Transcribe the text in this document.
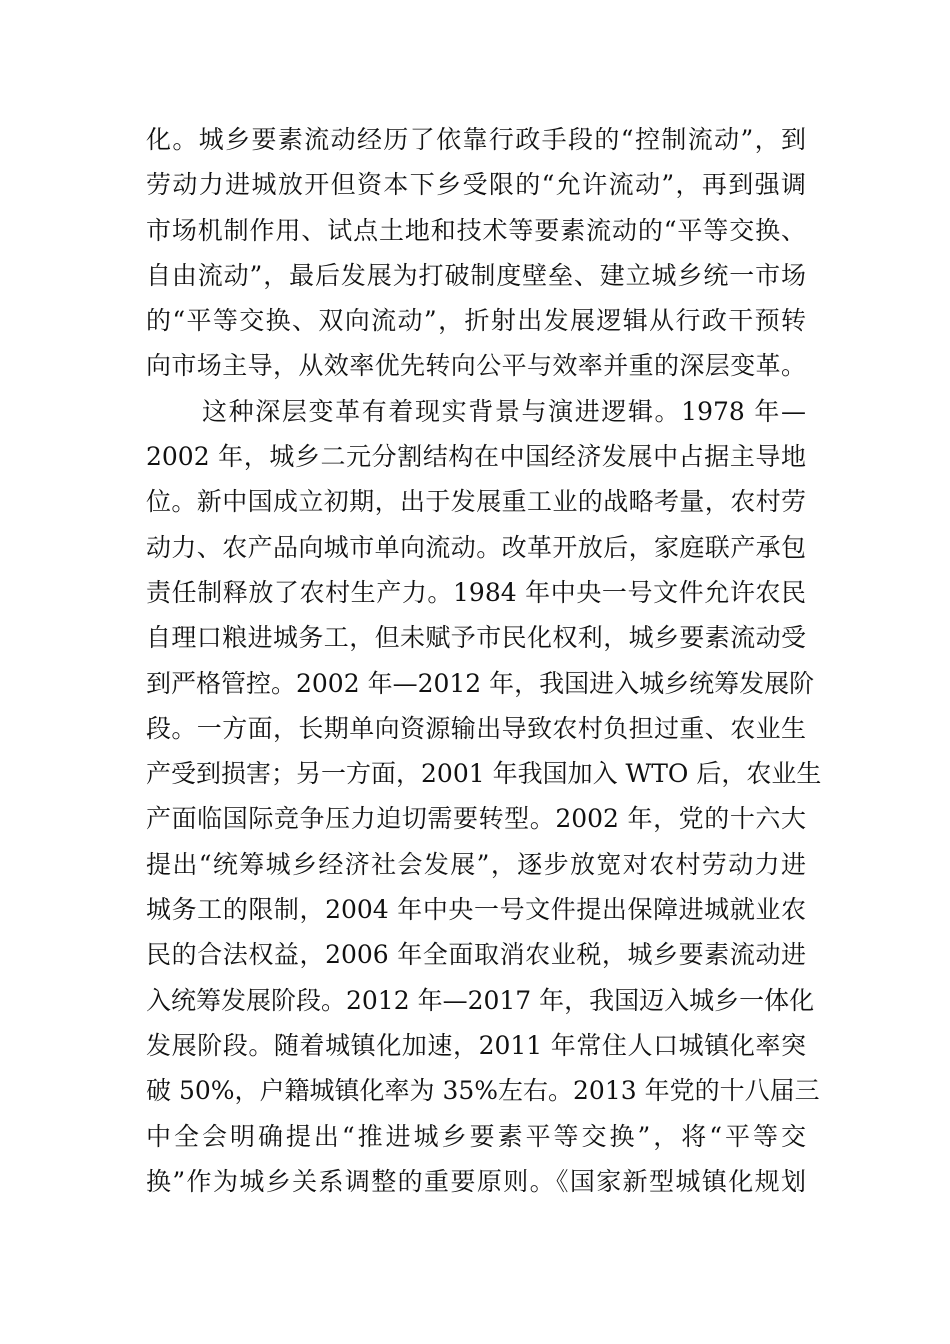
化。城乡要素流动经历了依靠行政手段的“控制流动”，到
劳动力进城放开但资本下乡受限的“允许流动”，再到强调
市场机制作用、试点土地和技术等要素流动的“平等交换、
自由流动”，最后发展为打破制度壁垒、建立城乡统一市场
的“平等交换、双向流动”，折射出发展逻辑从行政干预转
向市场主导，从效率优先转向公平与效率并重的深层变革。
这种深层变革有着现实背景与演进逻辑。1978 年—
2002 年，城乡二元分割结构在中国经济发展中占据主导地
位。新中国成立初期，出于发展重工业的战略考量，农村劳
动力、农产品向城市单向流动。改革开放后，家庭联产承包
责任制释放了农村生产力。1984 年中央一号文件允许农民
自理口粮进城务工，但未赋予市民化权利，城乡要素流动受
到严格管控。2002 年—2012 年，我国进入城乡统筹发展阶
段。一方面，长期单向资源输出导致农村负担过重、农业生
产受到损害；另一方面，2001 年我国加入 WTO 后，农业生
产面临国际竞争压力迫切需要转型。2002 年，党的十六大
提出“统筹城乡经济社会发展”，逐步放宽对农村劳动力进
城务工的限制，2004 年中央一号文件提出保障进城就业农
民的合法权益，2006 年全面取消农业税，城乡要素流动进
入统筹发展阶段。2012 年—2017 年，我国迈入城乡一体化
发展阶段。随着城镇化加速，2011 年常住人口城镇化率突
破 50%，户籍城镇化率为 35%左右。2013 年党的十八届三
中全会明确提出“推进城乡要素平等交换”，将“平等交
换”作为城乡关系调整的重要原则。《国家新型城镇化规划
